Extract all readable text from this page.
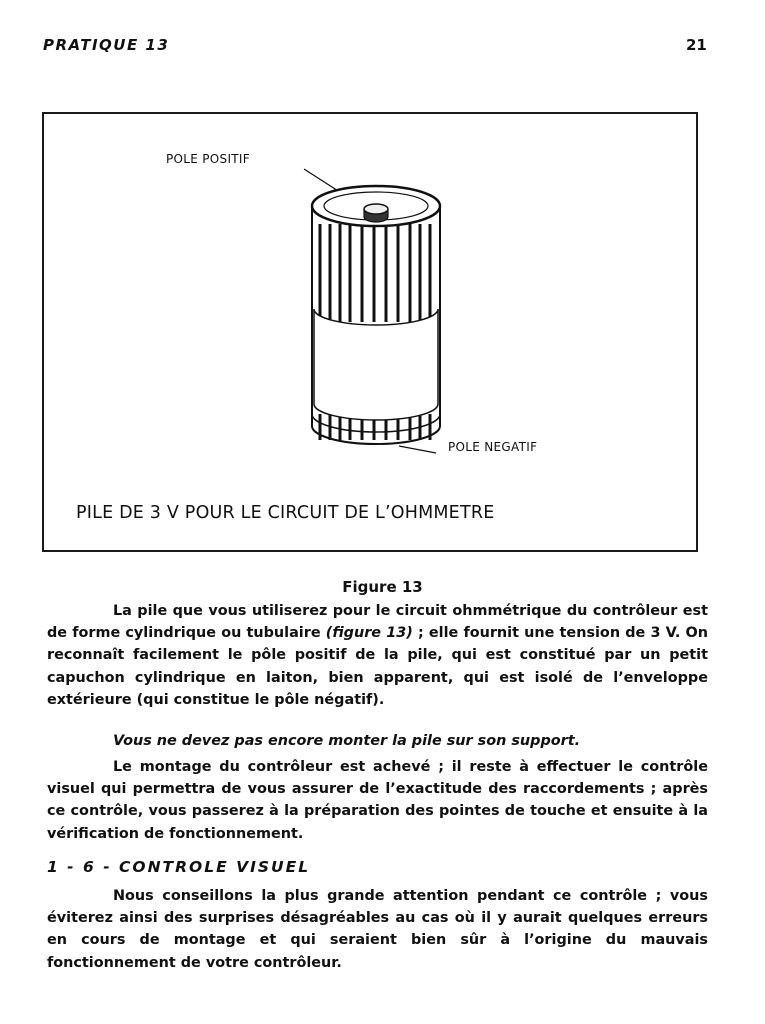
PRATIQUE 13	21
POLE POSITIF
POLE NEGATIF
PILE DE 3 V POUR LE CIRCUIT DE L’OHMMETRE
Figure 13

La pile que vous utiliserez pour le circuit ohmmétrique du contrôleur est de forme cylindrique ou tubulaire (figure 13) ; elle fournit une tension de 3 V. On reconnaît facilement le pôle positif de la pile, qui est constitué par un petit capuchon cylindrique en laiton, bien apparent, qui est isolé de l’enveloppe extérieure (qui constitue le pôle négatif).

Vous ne devez pas encore monter la pile sur son support.

Le montage du contrôleur est achevé ; il reste à effectuer le contrôle visuel qui permettra de vous assurer de l’exactitude des raccordements ; après ce contrôle, vous passerez à la préparation des pointes de touche et ensuite à la vérification de fonctionnement.

1 - 6 - CONTROLE VISUEL

Nous conseillons la plus grande attention pendant ce contrôle ; vous éviterez ainsi des surprises désagréables au cas où il y aurait quelques erreurs en cours de montage et qui seraient bien sûr à l’origine du mauvais fonctionnement de votre contrôleur.
